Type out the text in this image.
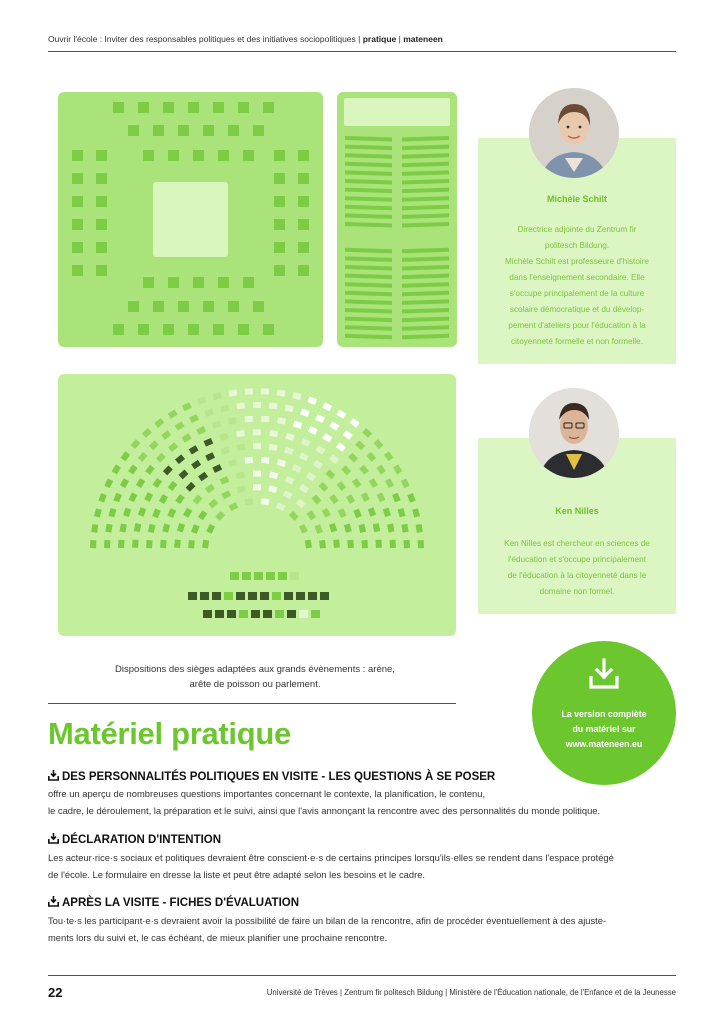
Ouvrir l'école : Inviter des responsables politiques et des initiatives sociopolitiques | pratique | mateneen
Michèle Schilt
Directrice adjointe du Zentrum fir
politesch Bildung.
Michèle Schilt est professeure d'histoire
dans l'enseignement secondaire. Elle
s'occupe principalement de la culture
scolaire démocratique et du dévelop-
pement d'ateliers pour l'éducation à la
citoyenneté formelle et non formelle.
Ken Nilles
Ken Nilles est chercheur en sciences de
l'éducation et s'occupe principalement
de l'éducation à la citoyenneté dans le
domaine non formel.
Dispositions des sièges adaptées aux grands évènements : arène,
arête de poisson ou parlement.
La version complète
du matériel sur
www.mateneen.eu
Matériel pratique
DES PERSONNALITÉS POLITIQUES EN VISITE - LES QUESTIONS À SE POSER
offre un aperçu de nombreuses questions importantes concernant le contexte, la planification, le contenu,
le cadre, le déroulement, la préparation et le suivi, ainsi que l'avis annonçant la rencontre avec des personnalités du monde politique.
DÉCLARATION D'INTENTION
Les acteur·rice·s sociaux et politiques devraient être conscient·e·s de certains principes lorsqu'ils·elles se rendent dans l'espace protégé
de l'école. Le formulaire en dresse la liste et peut être adapté selon les besoins et le cadre.
APRÈS LA VISITE - FICHES D'ÉVALUATION
Tou·te·s les participant·e·s devraient avoir la possibilité de faire un bilan de la rencontre, afin de procéder éventuellement à des ajuste-
ments lors du suivi et, le cas échéant, de mieux planifier une prochaine rencontre.
22	Université de Trèves | Zentrum fir politesch Bildung | Ministère de l'Éducation nationale, de l'Enfance et de la Jeunesse
